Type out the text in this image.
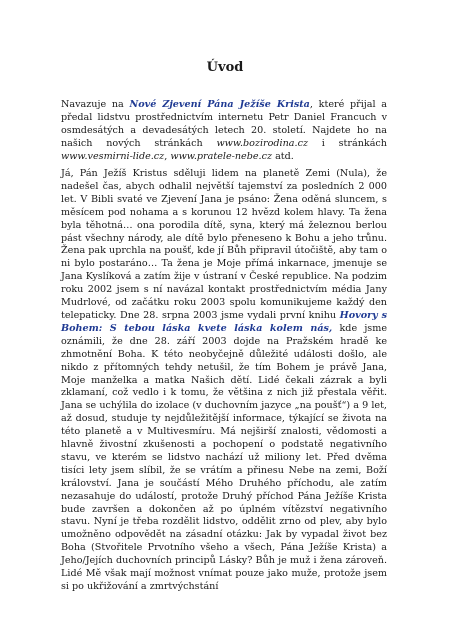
Úvod

Navazuje na Nové Zjevení Pána Ježíše Krista, které přijal a předal lidstvu prostřednictvím internetu Petr Daniel Francuch v osmdesátých a devadesátých letech 20. století. Najdete ho na našich nových stránkách www.bozirodina.cz i stránkách www.vesmirni-lide.cz, www.pratele-nebe.cz atd.

Já, Pán Ježíš Kristus sděluji lidem na planetě Zemi (Nula), že nadešel čas, abych odhalil největší tajemství za posledních 2 000 let. V Bibli svaté ve Zjevení Jana je psáno: Žena oděná sluncem, s měsícem pod nohama a s korunou 12 hvězd kolem hlavy. Ta žena byla těhotná… ona porodila dítě, syna, který má železnou berlou pást všechny národy, ale dítě bylo přeneseno k Bohu a jeho trůnu. Žena pak uprchla na poušť, kde jí Bůh připravil útočiště, aby tam o ni bylo postaráno… Ta žena je Moje přímá inkarnace, jmenuje se Jana Kyslíková a zatím žije v ústraní v České republice. Na podzim roku 2002 jsem s ní navázal kontakt prostřednictvím média Jany Mudrlové, od začátku roku 2003 spolu komunikujeme každý den telepaticky. Dne 28. srpna 2003 jsme vydali první knihu Hovory s Bohem: S tebou láska kvete láska kolem nás, kde jsme oznámili, že dne 28. září 2003 dojde na Pražském hradě ke zhmotnění Boha. K této neobyčejně důležité události došlo, ale nikdo z přítomných tehdy netušil, že tím Bohem je právě Jana, Moje manželka a matka Našich dětí. Lidé čekali zázrak a byli zklamaní, což vedlo i k tomu, že většina z nich již přestala věřit. Jana se uchýlila do izolace (v duchovním jazyce „na poušť“) a 9 let, až dosud, studuje ty nejdůležitější informace, týkající se života na této planetě a v Multivesmíru. Má nejširší znalosti, vědomosti a hlavně živostní zkušenosti a pochopení o podstatě negativního stavu, ve kterém se lidstvo nachází už miliony let. Před dvěma tisíci lety jsem slíbil, že se vrátím a přinesu Nebe na zemi, Boží království. Jana je součástí Mého Druhého příchodu, ale zatím nezasahuje do událostí, protože Druhý příchod Pána Ježíše Krista bude završen a dokončen až po úplném vítězství negativního stavu. Nyní je třeba rozdělit lidstvo, oddělit zrno od plev, aby bylo umožněno odpovědět na zásadní otázku: Jak by vypadal život bez Boha (Stvořitele Prvotního všeho a všech, Pána Ježíše Krista) a Jeho/Jejích duchovních principů Lásky? Bůh je muž i žena zároveň. Lidé Mě však mají možnost vnímat pouze jako muže, protože jsem si po ukřižování a zmrtvýchstání
